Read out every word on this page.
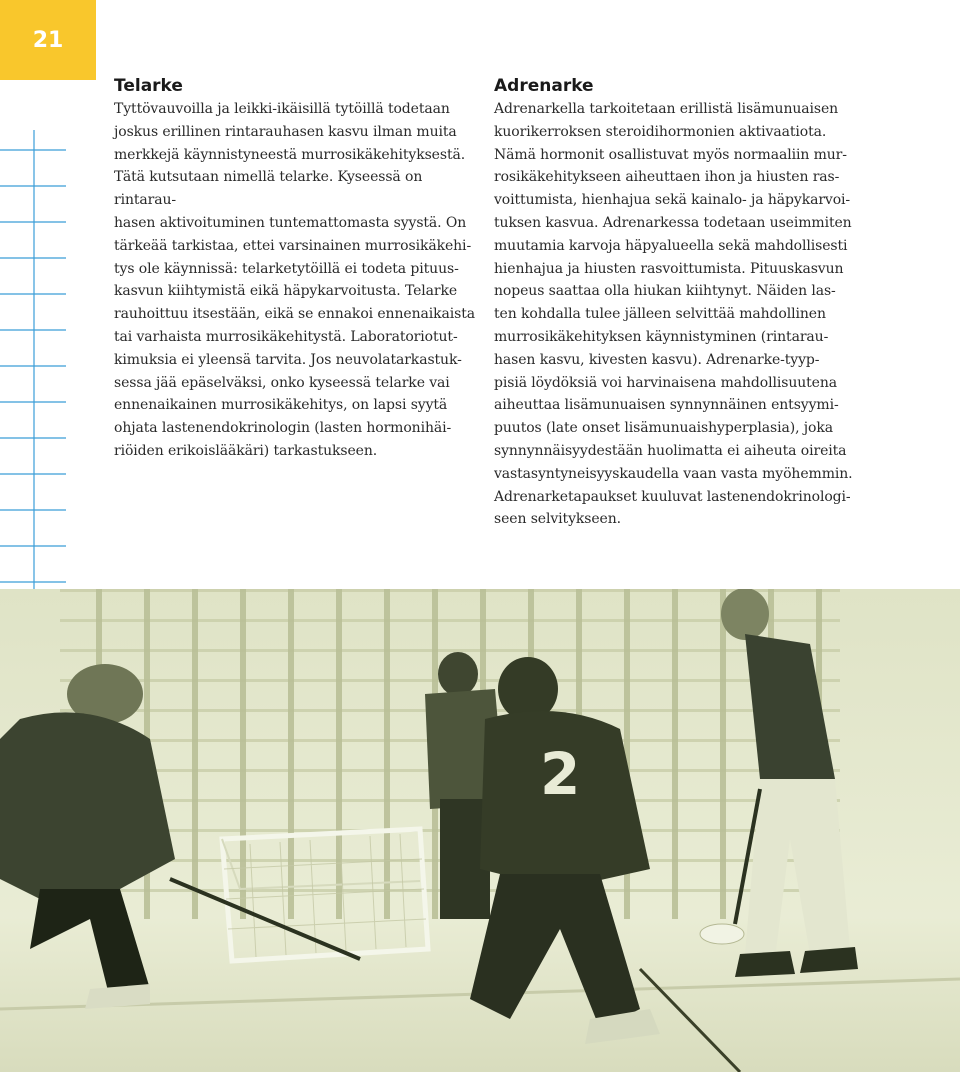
21
Telarke

Tyttövauvoilla ja leikki-ikäisillä tytöillä todetaan
joskus erillinen rintarauhasen kasvu ilman muita
merkkejä käynnistyneestä murrosikäkehityksestä.
Tätä kutsutaan nimellä telarke. Kyseessä on rintarau-
hasen aktivoituminen tuntemattomasta syystä. On
tärkeää tarkistaa, ettei varsinainen murrosikäkehi-
tys ole käynnissä: telarketytöillä ei todeta pituus-
kasvun kiihtymistä eikä häpykarvoitusta. Telarke
rauhoittuu itsestään, eikä se ennakoi ennenaikaista
tai varhaista murrosikäkehitystä. Laboratoriotut-
kimuksia ei yleensä tarvita. Jos neuvolatarkastuk-
sessa jää epäselväksi, onko kyseessä telarke vai
ennenaikainen murrosikäkehitys, on lapsi syytä
ohjata lastenendokrinologin (lasten hormonihäi-
riöiden erikoislääkäri) tarkastukseen.

Adrenarke

Adrenarkella tarkoitetaan erillistä lisämunuaisen
kuorikerroksen steroidihormonien aktivaatiota.
Nämä hormonit osallistuvat myös normaaliin mur-
rosikäkehitykseen aiheuttaen ihon ja hiusten ras-
voittumista, hienhajua sekä kainalo- ja häpykarvoi-
tuksen kasvua. Adrenarkessa todetaan useimmiten
muutamia karvoja häpyalueella sekä mahdollisesti
hienhajua ja hiusten rasvoittumista. Pituuskasvun
nopeus saattaa olla hiukan kiihtynyt. Näiden las-
ten kohdalla tulee jälleen selvittää mahdollinen
murrosikäkehityksen käynnistyminen (rintarau-
hasen kasvu, kivesten kasvu). Adrenarke-tyyp-
pisiä löydöksiä voi harvinaisena mahdollisuutena
aiheuttaa lisämunuaisen synnynnäinen entsyymi-
puutos (late onset lisämunuaishyperplasia), joka
synnynnäisyydestään huolimatta ei aiheuta oireita
vastasyntyneisyyskaudella vaan vasta myöhemmin.
Adrenarketapaukset kuuluvat lastenendokrinologi-
seen selvitykseen.

2
